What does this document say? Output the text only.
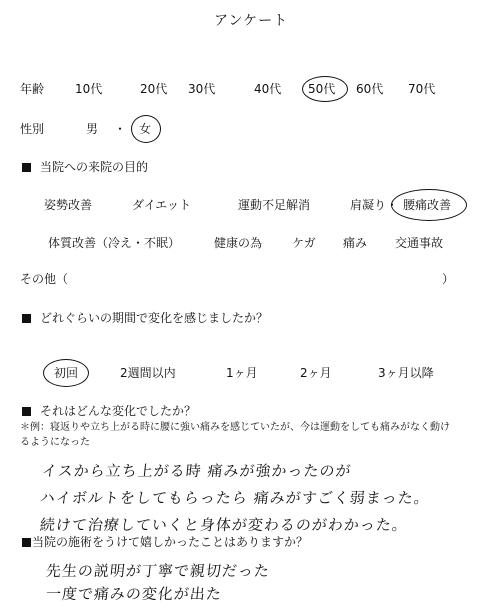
アンケート
年齢	10代	20代 30代	40代 50代 60代 70代
性別	男 ・ 女
当院への来院の目的
姿勢改善	ダイエット	運動不足解消	肩凝り・ 腰痛改善
体質改善（冷え・不眠）	健康の為 ケガ 痛み 交通事故
その他（	）
どれぐらいの期間で変化を感じましたか？
初回	2週間以内	1ヶ月	2ヶ月	3ヶ月以降
それはどんな変化でしたか？
＊例：寝返りや立ち上がる時に腰に強い痛みを感じていたが、今は運動をしても痛みがなく動け
るようになった
イスから立ち上がる時 痛みが強かったのが
ハイボルトをしてもらったら 痛みがすごく弱まった。
続けて治療していくと身体が変わるのがわかった。
当院の施術をうけて嬉しかったことはありますか？
先生の説明が丁寧で親切だった
一度で痛みの変化が出た
